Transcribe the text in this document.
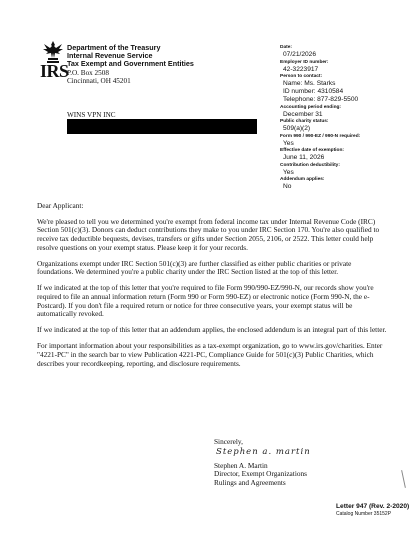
IRS
Department of the Treasury
Internal Revenue Service
Tax Exempt and Government Entities
P.O. Box 2508
Cincinnati, OH 45201
WINS VPN INC
Date:
07/21/2026
Employer ID number:
42-3223917
Person to contact:
Name: Ms. Starks
ID number: 4310584
Telephone: 877-829-5500
Accounting period ending:
December 31
Public charity status:
509(a)(2)
Form 990 / 990-EZ / 990-N required:
Yes
Effective date of exemption:
June 11, 2026
Contribution deductibility:
Yes
Addendum applies:
No

Dear Applicant:

We're pleased to tell you we determined you're exempt from federal income tax under Internal Revenue Code (IRC) Section 501(c)(3). Donors can deduct contributions they make to you under IRC Section 170. You're also qualified to receive tax deductible bequests, devises, transfers or gifts under Section 2055, 2106, or 2522. This letter could help resolve questions on your exempt status. Please keep it for your records.

Organizations exempt under IRC Section 501(c)(3) are further classified as either public charities or private foundations. We determined you're a public charity under the IRC Section listed at the top of this letter.

If we indicated at the top of this letter that you're required to file Form 990/990-EZ/990-N, our records show you're required to file an annual information return (Form 990 or Form 990-EZ) or electronic notice (Form 990-N, the e-Postcard). If you don't file a required return or notice for three consecutive years, your exempt status will be automatically revoked.

If we indicated at the top of this letter that an addendum applies, the enclosed addendum is an integral part of this letter.

For important information about your responsibilities as a tax-exempt organization, go to www.irs.gov/charities. Enter "4221-PC" in the search bar to view Publication 4221-PC, Compliance Guide for 501(c)(3) Public Charities, which describes your recordkeeping, reporting, and disclosure requirements.

Sincerely,
Stephen a. martin
Stephen A. Martin
Director, Exempt Organizations
Rulings and Agreements
Letter 947 (Rev. 2-2020)
Catalog Number 35152P
